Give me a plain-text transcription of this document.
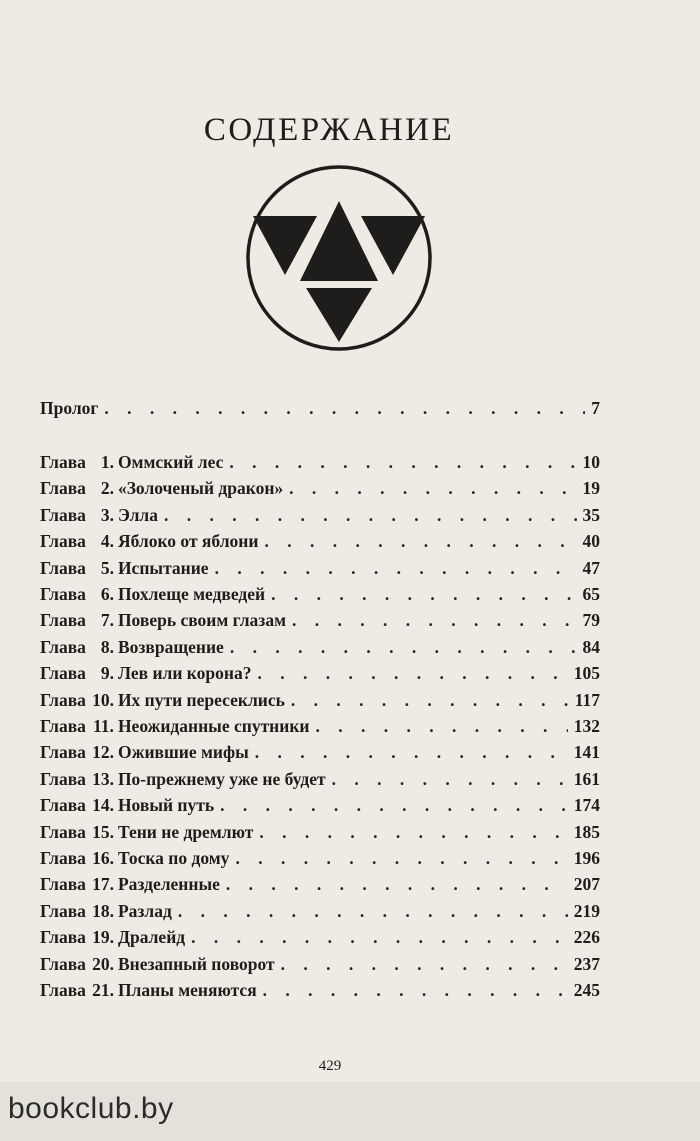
СОДЕРЖАНИЕ
Пролог . . .	7
Глава 1. Оммский лес . . .	10
Глава 2. «Золоченый дракон» . . .	19
Глава 3. Элла . . .	35
Глава 4. Яблоко от яблони . . .	40
Глава 5. Испытание . . .	47
Глава 6. Похлеще медведей . . .	65
Глава 7. Поверь своим глазам . . .	79
Глава 8. Возвращение . . .	84
Глава 9. Лев или корона? . . .	105
Глава 10. Их пути пересеклись . . .	117
Глава 11. Неожиданные спутники . . .	132
Глава 12. Ожившие мифы . . .	141
Глава 13. По-прежнему уже не будет . . .	161
Глава 14. Новый путь . . .	174
Глава 15. Тени не дремлют . . .	185
Глава 16. Тоска по дому . . .	196
Глава 17. Разделенные . . .	207
Глава 18. Разлад . . .	219
Глава 19. Дралейд . . .	226
Глава 20. Внезапный поворот . . .	237
Глава 21. Планы меняются . . .	245
429
bookclub.by
